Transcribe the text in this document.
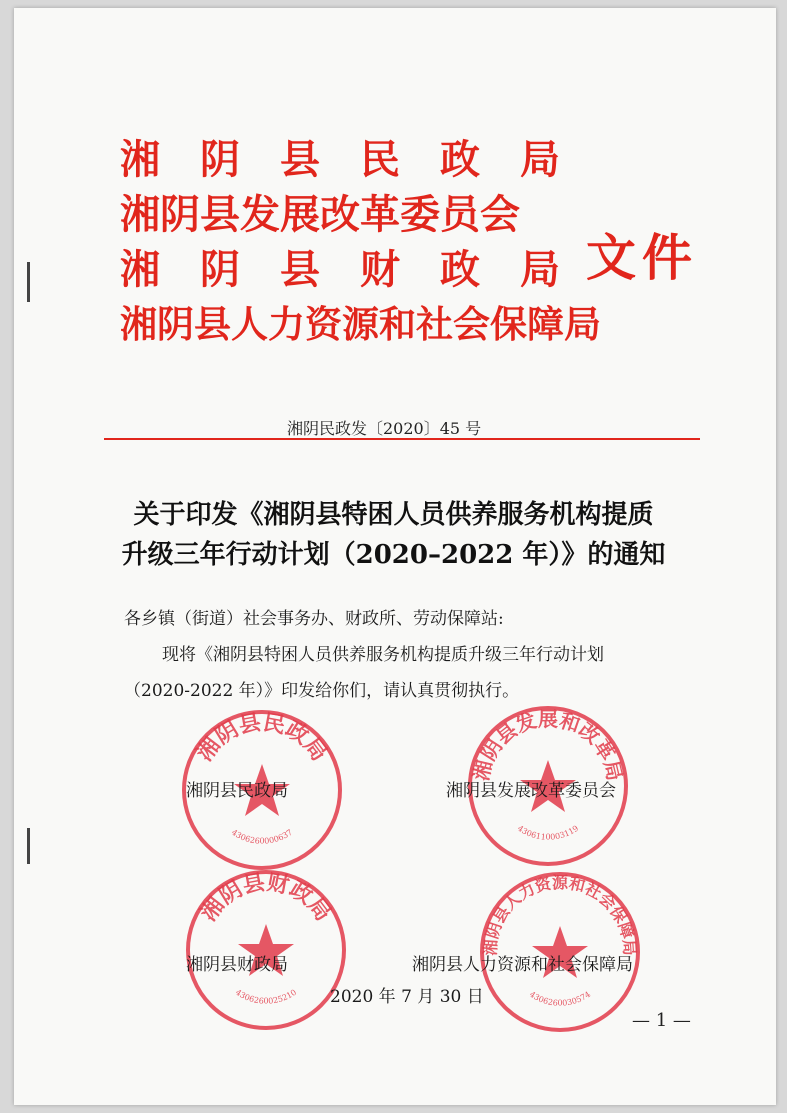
湘　阴　县　民　政　局
湘阴县发展改革委员会
湘　阴　县　财　政　局
湘阴县人力资源和社会保障局
文件
湘阴民政发〔2020〕45 号
关于印发《湘阴县特困人员供养服务机构提质
升级三年行动计划（2020–2022 年）》的通知
各乡镇（街道）社会事务办、财政所、劳动保障站:
现将《湘阴县特困人员供养服务机构提质升级三年行动计划
（2020-2022 年）》印发给你们，请认真贯彻执行。
湘阴县民政局
4306260000637
湘阴县发展和改革局
4306110003119
湘阴县财政局
4306260025210
湘阴县人力资源和社会保障局
4306260030574
湘阴县民政局	湘阴县发展改革委员会
湘阴县财政局	湘阴县人力资源和社会保障局
2020 年 7 月 30 日
— 1 —
